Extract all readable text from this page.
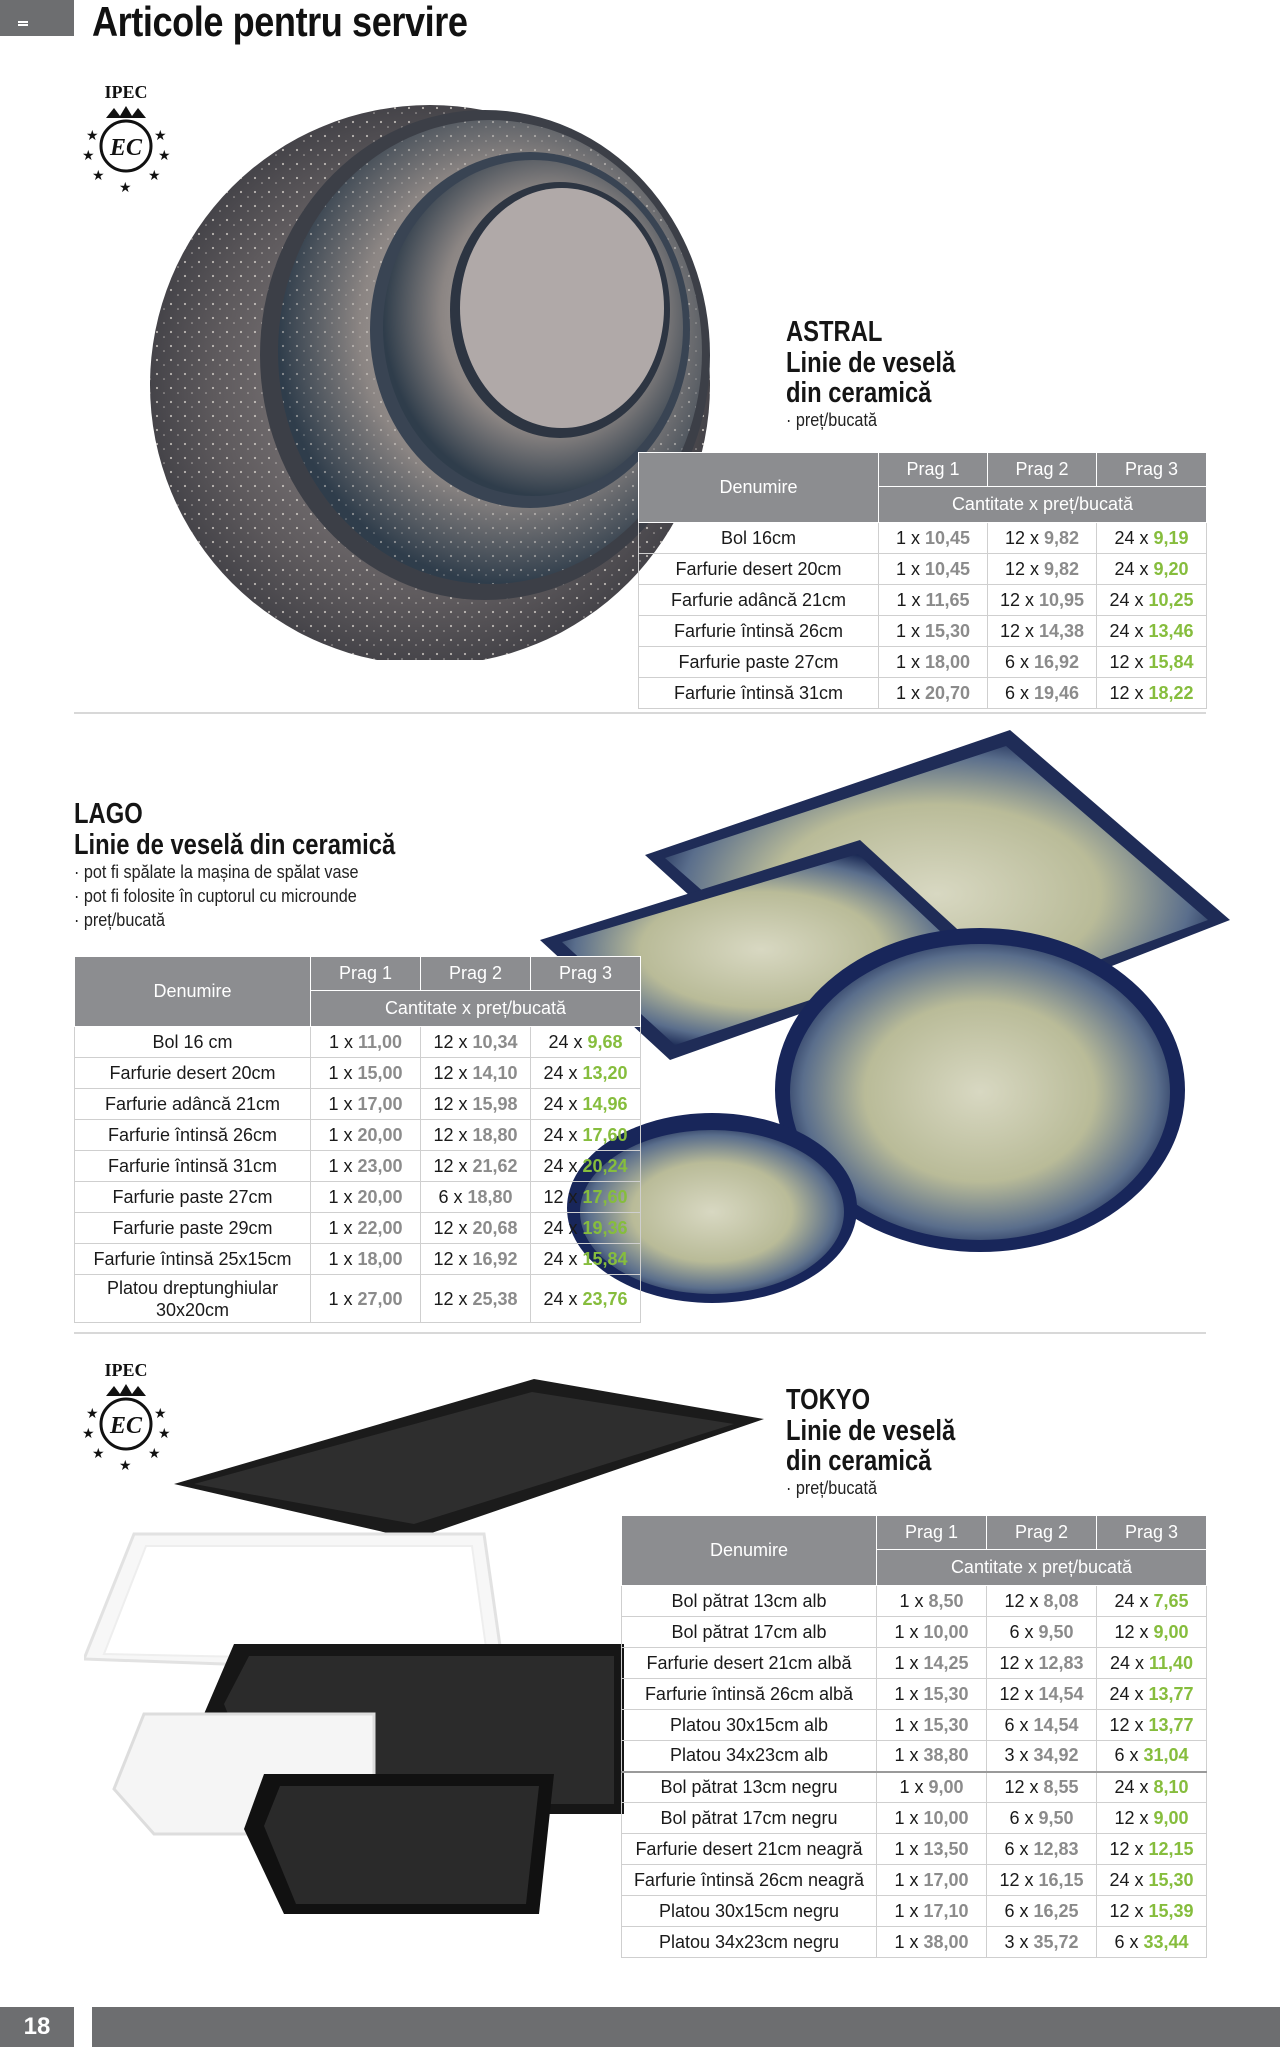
Articole pentru servire
IPEC
EC
★	★
★	★
★	★
★
ASTRAL
Linie de veselă
din ceramică
· preț/bucată
Denumire	Prag 1	Prag 2	Prag 3
	Cantitate x preț/bucată		
Bol 16cm	1 x 10,45	12 x 9,82	24 x 9,19
Farfurie desert 20cm	1 x 10,45	12 x 9,82	24 x 9,20
Farfurie adâncă 21cm	1 x 11,65	12 x 10,95	24 x 10,25
Farfurie întinsă 26cm	1 x 15,30	12 x 14,38	24 x 13,46
Farfurie paste 27cm	1 x 18,00	6 x 16,92	12 x 15,84
Farfurie întinsă 31cm	1 x 20,70	6 x 19,46	12 x 18,22
LAGO
Linie de veselă din ceramică
· pot fi spălate la mașina de spălat vase
· pot fi folosite în cuptorul cu microunde
· preț/bucată
Denumire	Prag 1	Prag 2	Prag 3
	Cantitate x preț/bucată		
Bol 16 cm	1 x 11,00	12 x 10,34	24 x 9,68
Farfurie desert 20cm	1 x 15,00	12 x 14,10	24 x 13,20
Farfurie adâncă 21cm	1 x 17,00	12 x 15,98	24 x 14,96
Farfurie întinsă 26cm	1 x 20,00	12 x 18,80	24 x 17,60
Farfurie întinsă 31cm	1 x 23,00	12 x 21,62	24 x 20,24
Farfurie paste 27cm	1 x 20,00	6 x 18,80	12 x 17,60
Farfurie paste 29cm	1 x 22,00	12 x 20,68	24 x 19,36
Farfurie întinsă 25x15cm	1 x 18,00	12 x 16,92	24 x 15,84
Platou dreptunghiular 30x20cm	1 x 27,00	12 x 25,38	24 x 23,76
IPEC
EC
★	★
★	★
★	★
★
TOKYO
Linie de veselă
din ceramică
· preț/bucată
Denumire	Prag 1	Prag 2	Prag 3
	Cantitate x preț/bucată		
Bol pătrat 13cm alb	1 x 8,50	12 x 8,08	24 x 7,65
Bol pătrat 17cm alb	1 x 10,00	6 x 9,50	12 x 9,00
Farfurie desert 21cm albă	1 x 14,25	12 x 12,83	24 x 11,40
Farfurie întinsă 26cm albă	1 x 15,30	12 x 14,54	24 x 13,77
Platou 30x15cm alb	1 x 15,30	6 x 14,54	12 x 13,77
Platou 34x23cm alb	1 x 38,80	3 x 34,92	6 x 31,04
Bol pătrat 13cm negru	1 x 9,00	12 x 8,55	24 x 8,10
Bol pătrat 17cm negru	1 x 10,00	6 x 9,50	12 x 9,00
Farfurie desert 21cm neagră	1 x 13,50	6 x 12,83	12 x 12,15
Farfurie întinsă 26cm neagră	1 x 17,00	12 x 16,15	24 x 15,30
Platou 30x15cm negru	1 x 17,10	6 x 16,25	12 x 15,39
Platou 34x23cm negru	1 x 38,00	3 x 35,72	6 x 33,44
18
